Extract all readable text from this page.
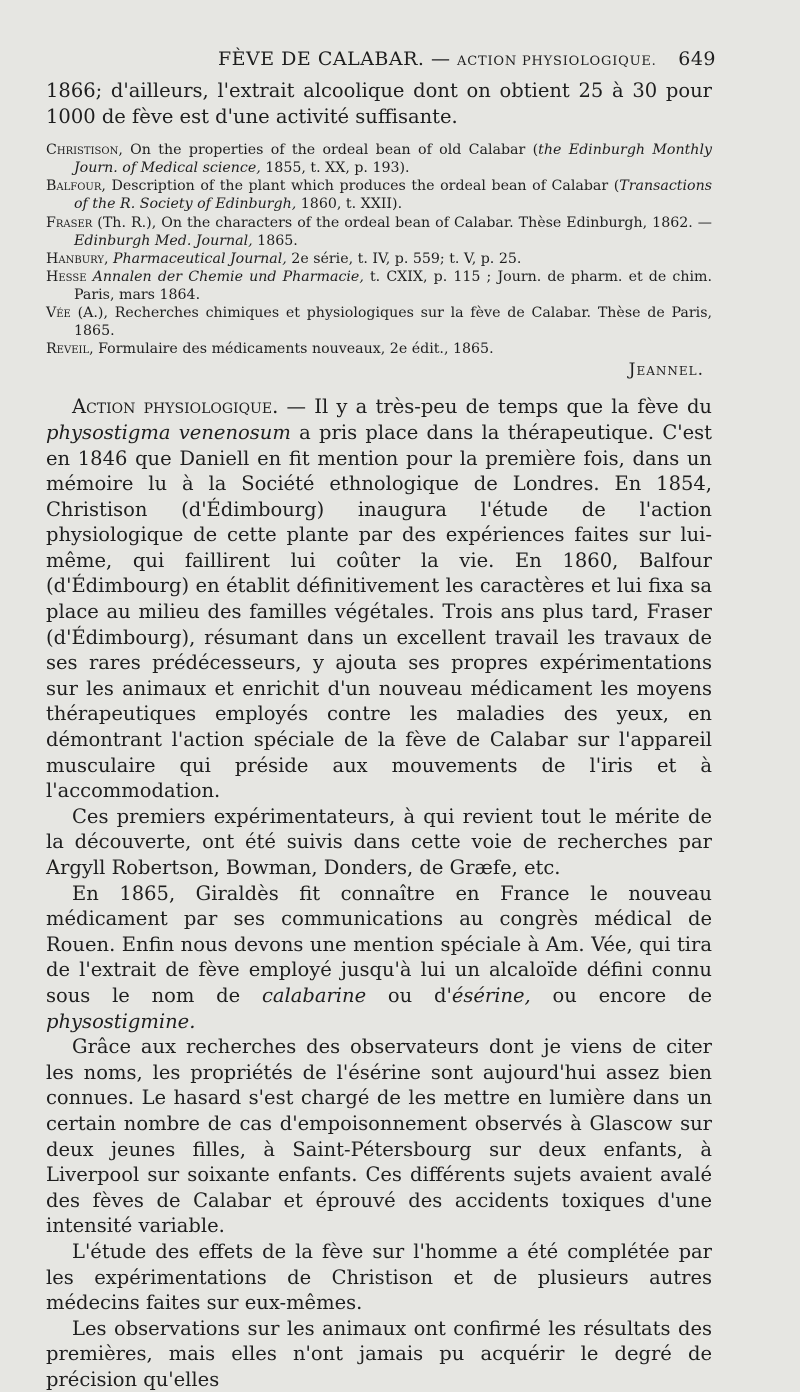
FÈVE DE CALABAR. — ACTION PHYSIOLOGIQUE. 649

1866; d'ailleurs, l'extrait alcoolique dont on obtient 25 à 30 pour 1000 de fève est d'une activité suffisante.

Christison, On the properties of the ordeal bean of old Calabar (the Edinburgh Monthly Journ. of Medical science, 1855, t. XX, p. 193).

Balfour, Description of the plant which produces the ordeal bean of Calabar (Transactions of the R. Society of Edinburgh, 1860, t. XXII).

Fraser (Th. R.), On the characters of the ordeal bean of Calabar. Thèse Edinburgh, 1862. — Edinburgh Med. Journal, 1865.

Hanbury, Pharmaceutical Journal, 2e série, t. IV, p. 559; t. V, p. 25.

Hesse Annalen der Chemie und Pharmacie, t. CXIX, p. 115 ; Journ. de pharm. et de chim. Paris, mars 1864.

Vée (A.), Recherches chimiques et physiologiques sur la fève de Calabar. Thèse de Paris, 1865.

Reveil, Formulaire des médicaments nouveaux, 2e édit., 1865.

Jeannel.

Action physiologique. — Il y a très-peu de temps que la fève du physostigma venenosum a pris place dans la thérapeutique. C'est en 1846 que Daniell en fit mention pour la première fois, dans un mémoire lu à la Société ethnologique de Londres. En 1854, Christison (d'Édimbourg) inaugura l'étude de l'action physiologique de cette plante par des expériences faites sur lui-même, qui faillirent lui coûter la vie. En 1860, Balfour (d'Édimbourg) en établit définitivement les caractères et lui fixa sa place au milieu des familles végétales. Trois ans plus tard, Fraser (d'Édimbourg), résumant dans un excellent travail les travaux de ses rares prédécesseurs, y ajouta ses propres expérimentations sur les animaux et enrichit d'un nouveau médicament les moyens thérapeutiques employés contre les maladies des yeux, en démontrant l'action spéciale de la fève de Calabar sur l'appareil musculaire qui préside aux mouvements de l'iris et à l'accommodation.

Ces premiers expérimentateurs, à qui revient tout le mérite de la découverte, ont été suivis dans cette voie de recherches par Argyll Robertson, Bowman, Donders, de Græfe, etc.

En 1865, Giraldès fit connaître en France le nouveau médicament par ses communications au congrès médical de Rouen. Enfin nous devons une mention spéciale à Am. Vée, qui tira de l'extrait de fève employé jusqu'à lui un alcaloïde défini connu sous le nom de calabarine ou d'ésérine, ou encore de physostigmine.

Grâce aux recherches des observateurs dont je viens de citer les noms, les propriétés de l'ésérine sont aujourd'hui assez bien connues. Le hasard s'est chargé de les mettre en lumière dans un certain nombre de cas d'empoisonnement observés à Glascow sur deux jeunes filles, à Saint-Pétersbourg sur deux enfants, à Liverpool sur soixante enfants. Ces différents sujets avaient avalé des fèves de Calabar et éprouvé des accidents toxiques d'une intensité variable.

L'étude des effets de la fève sur l'homme a été complétée par les expérimentations de Christison et de plusieurs autres médecins faites sur eux-mêmes.

Les observations sur les animaux ont confirmé les résultats des premières, mais elles n'ont jamais pu acquérir le degré de précision qu'elles
